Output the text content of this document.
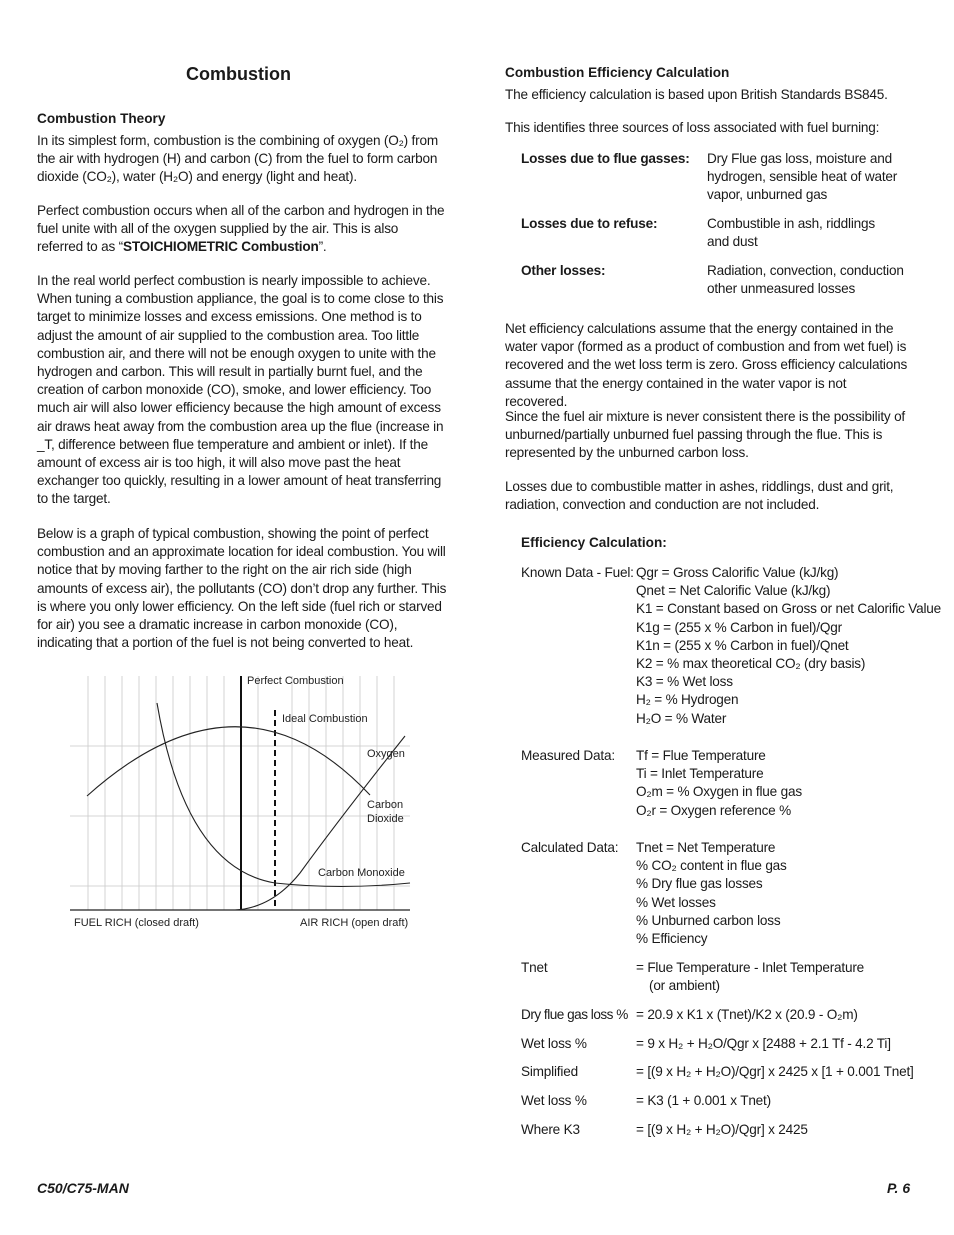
Combustion
Combustion Theory

In its simplest form, combustion is the combining of oxygen (O₂) from the air with hydrogen (H) and carbon (C) from the fuel to form carbon dioxide (CO₂), water (H₂O) and energy (light and heat).

Perfect combustion occurs when all of the carbon and hydrogen in the fuel unite with all of the oxygen supplied by the air. This is also referred to as “STOICHIOMETRIC Combustion”.

In the real world perfect combustion is nearly impossible to achieve. When tuning a combustion appliance, the goal is to come close to this target to minimize losses and excess emissions. One method is to adjust the amount of air supplied to the combustion area. Too little combustion air, and there will not be enough oxygen to unite with the hydrogen and carbon. This will result in partially burnt fuel, and the creation of carbon monoxide (CO), smoke, and lower efficiency. Too much air will also lower efficiency because the high amount of excess air draws heat away from the combustion area up the flue (increase in _T, difference between flue temperature and ambient or inlet). If the amount of excess air is too high, it will also move past the heat exchanger too quickly, resulting in a lower amount of heat transferring to the target.

Below is a graph of typical combustion, showing the point of perfect combustion and an approximate location for ideal combustion. You will notice that by moving farther to the right on the air rich side (high amounts of excess air), the pollutants (CO) don’t drop any further. This is where you only lower efficiency. On the left side (fuel rich or starved for air) you see a dramatic increase in carbon monoxide (CO), indicating that a portion of the fuel is not being converted to heat.

Perfect Combustion
Ideal Combustion
Oxygen
Carbon
Dioxide
Carbon Monoxide
FUEL RICH (closed draft)	AIR RICH (open draft)
Combustion Efficiency Calculation
The efficiency calculation is based upon British Standards BS845.
This identifies three sources of loss associated with fuel burning:
Losses due to flue gasses: Dry Flue gas loss, moisture and
hydrogen, sensible heat of water
vapor, unburned gas
Losses due to refuse:	Combustible in ash, riddlings
and dust
Other losses:	Radiation, convection, conduction
other unmeasured losses

Net efficiency calculations assume that the energy contained in the water vapor (formed as a product of combustion and from wet fuel) is recovered and the wet loss term is zero. Gross efficiency calculations assume that the energy contained in the water vapor is not recovered.

Since the fuel air mixture is never consistent there is the possibility of unburned/partially unburned fuel passing through the flue. This is represented by the unburned carbon loss.

Losses due to combustible matter in ashes, riddlings, dust and grit, radiation, convection and conduction are not included.

Efficiency Calculation:
Known Data - Fuel: Qgr = Gross Calorific Value (kJ/kg)
Qnet = Net Calorific Value (kJ/kg)
K1 = Constant based on Gross or net Calorific Value
K1g = (255 x % Carbon in fuel)/Qgr
K1n = (255 x % Carbon in fuel)/Qnet
K2 = % max theoretical CO₂ (dry basis)
K3 = % Wet loss
H₂ = % Hydrogen
H₂O = % Water
Measured Data: Tf = Flue Temperature
Ti = Inlet Temperature
O₂m = % Oxygen in flue gas
O₂r = Oxygen reference %
Calculated Data: Tnet = Net Temperature
% CO₂ content in flue gas
% Dry flue gas losses
% Wet losses
% Unburned carbon loss
% Efficiency
Tnet	= Flue Temperature - Inlet Temperature
(or ambient)
Dry flue gas loss % = 20.9 x K1 x (Tnet)/K2 x (20.9 - O₂m)
Wet loss %	= 9 x H₂ + H₂O/Qgr x [2488 + 2.1 Tf - 4.2 Ti]
Simplified	= [(9 x H₂ + H₂O)/Qgr] x 2425 x [1 + 0.001 Tnet]
Wet loss %	= K3 (1 + 0.001 x Tnet)
Where K3	= [(9 x H₂ + H₂O)/Qgr] x 2425
C50/C75-MAN	P. 6
